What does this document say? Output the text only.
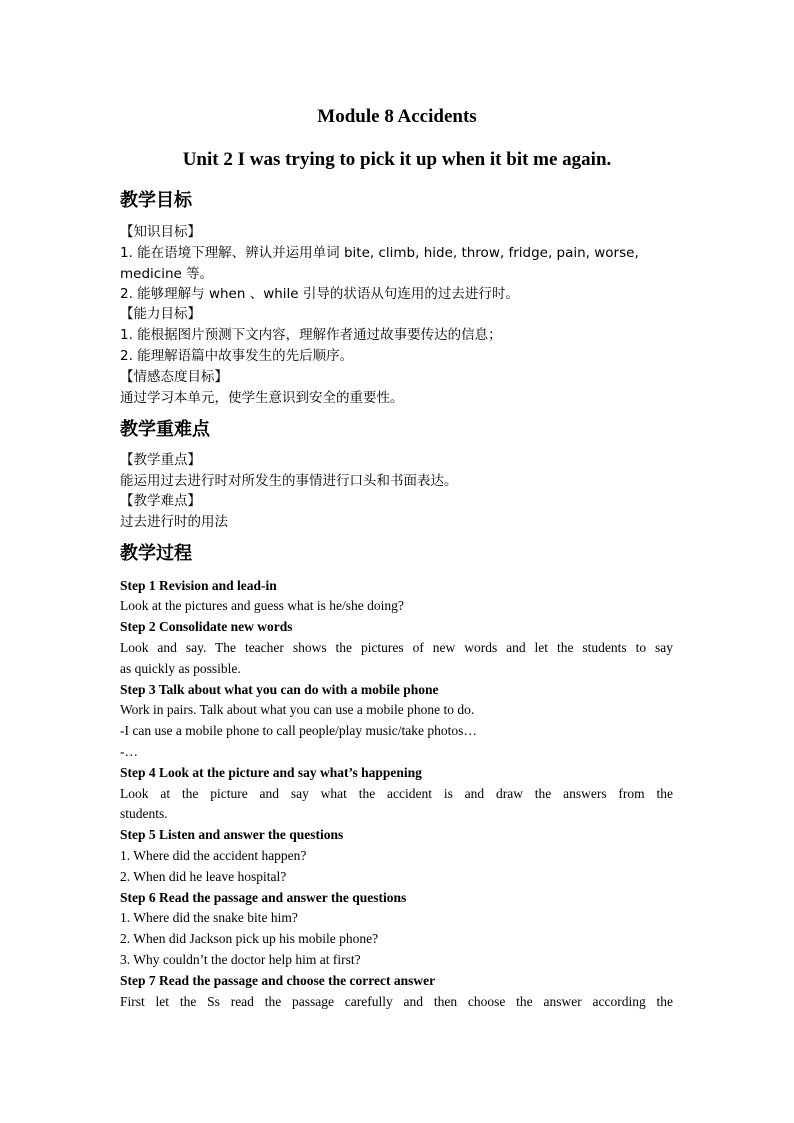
Module 8 Accidents
Unit 2 I was trying to pick it up when it bit me again.
教学目标

【知识目标】

1. 能在语境下理解、辨认并运用单词 bite, climb, hide, throw, fridge, pain, worse,

medicine 等。

2. 能够理解与 when 、while 引导的状语从句连用的过去进行时。

【能力目标】

1. 能根据图片预测下文内容，理解作者通过故事要传达的信息；

2. 能理解语篇中故事发生的先后顺序。

【情感态度目标】

通过学习本单元，使学生意识到安全的重要性。

教学重难点

【教学重点】

能运用过去进行时对所发生的事情进行口头和书面表达。

【教学难点】

过去进行时的用法

教学过程

Step 1 Revision and lead-in

Look at the pictures and guess what is he/she doing?

Step 2 Consolidate new words

Look and say. The teacher shows the pictures of new words and let the students to say

as quickly as possible.

Step 3 Talk about what you can do with a mobile phone

Work in pairs. Talk about what you can use a mobile phone to do.

-I can use a mobile phone to call people/play music/take photos…

-…

Step 4 Look at the picture and say what’s happening

Look at the picture and say what the accident is and draw the answers from the

students.

Step 5 Listen and answer the questions

1. Where did the accident happen?

2. When did he leave hospital?

Step 6 Read the passage and answer the questions

1. Where did the snake bite him?

2. When did Jackson pick up his mobile phone?

3. Why couldn’t the doctor help him at first?

Step 7 Read the passage and choose the correct answer

First let the Ss read the passage carefully and then choose the answer according the
